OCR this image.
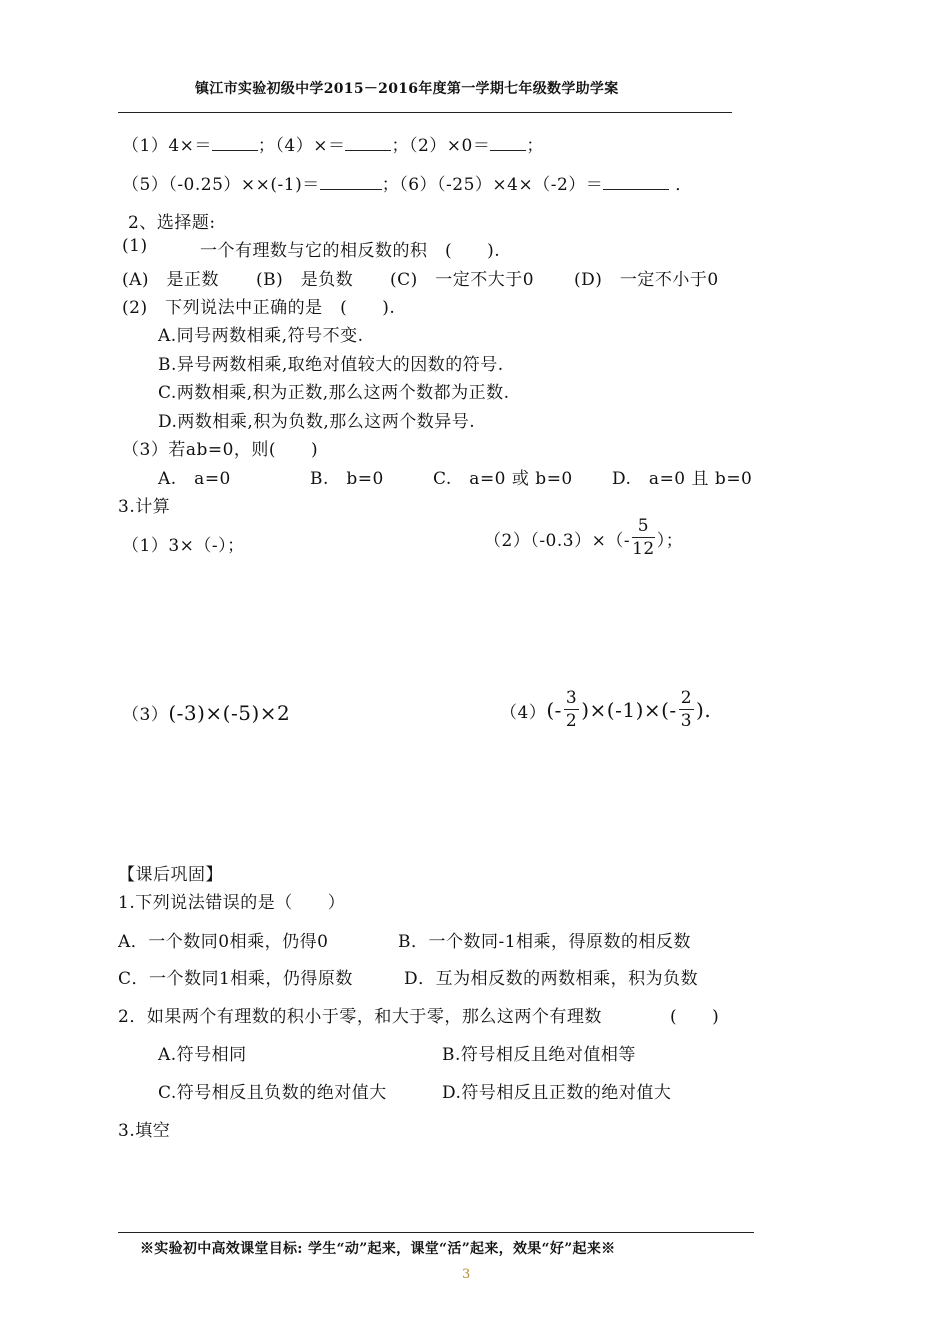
镇江市实验初级中学2015－2016年度第一学期七年级数学助学案
（1）4×＝	；（4）×＝	；（2）×0＝ ；
（5）（-0.25）××(-1)＝	；（6）（-25）×4×（-2）＝	．
2、选择题:
(1)	一个有理数与它的相反数的积　(　　).
(A)　是正数 (B)　是负数 (C)　一定不大于0 (D)　一定不小于0
(2)　下列说法中正确的是　(　　).
A.同号两数相乘,符号不变.
B.异号两数相乘,取绝对值较大的因数的符号.
C.两数相乘,积为正数,那么这两个数都为正数.
D.两数相乘,积为负数,那么这两个数异号.
（3）若ab=0，则(　　)
A.　a=0	B.　b=0	C.　a=0 或 b=0 D.　a=0 且 b=0
3.计算
（1）3×（-）；	$(2)(-0.3)\times(- \frac{5}{12}$ ）；
（3） (-3)×(-5)×2	（4） (- $\frac{3}{2} )\times(-1)\times(- \frac{2}{3}$ ).
【课后巩固】
1.下列说法错误的是（　　）
A．一个数同0相乘，仍得0	B．一个数同-1相乘，得原数的相反数
C．一个数同1相乘，仍得原数	D．互为相反数的两数相乘，积为负数
2．如果两个有理数的积小于零，和大于零，那么这两个有理数	(　　)
A.符号相同	B.符号相反且绝对值相等
C.符号相反且负数的绝对值大	D.符号相反且正数的绝对值大
3.填空
※实验初中高效课堂目标: 学生“动”起来，课堂“活”起来，效果“好”起来※
3
